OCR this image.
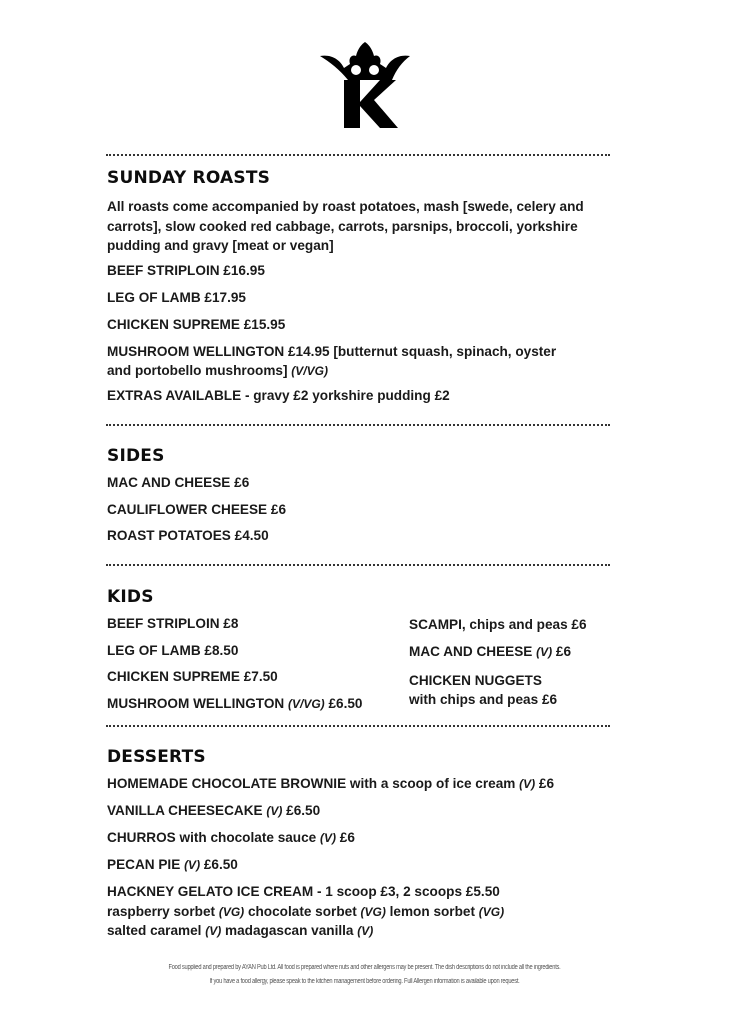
SUNDAY ROASTS
All roasts come accompanied by roast potatoes, mash [swede, celery and carrots], slow cooked red cabbage, carrots, parsnips, broccoli, yorkshire pudding and gravy [meat or vegan]
BEEF STRIPLOIN £16.95
LEG OF LAMB £17.95
CHICKEN SUPREME £15.95
MUSHROOM WELLINGTON £14.95 [butternut squash, spinach, oyster
and portobello mushrooms] (V/VG)
EXTRAS AVAILABLE - gravy £2 yorkshire pudding £2
SIDES
MAC AND CHEESE £6
CAULIFLOWER CHEESE £6
ROAST POTATOES £4.50
KIDS
BEEF STRIPLOIN £8
LEG OF LAMB £8.50
CHICKEN SUPREME £7.50
MUSHROOM WELLINGTON (V/VG) £6.50
SCAMPI, chips and peas £6
MAC AND CHEESE (V) £6
CHICKEN NUGGETS
with chips and peas £6
DESSERTS
HOMEMADE CHOCOLATE BROWNIE with a scoop of ice cream (V) £6
VANILLA CHEESECAKE (V) £6.50
CHURROS with chocolate sauce (V) £6
PECAN PIE (V) £6.50
HACKNEY GELATO ICE CREAM - 1 scoop £3, 2 scoops £5.50
raspberry sorbet (VG) chocolate sorbet (VG) lemon sorbet (VG)
salted caramel (V) madagascan vanilla (V)
Food supplied and prepared by AYAN Pub Ltd. All food is prepared where nuts and other allergens may be present. The dish descriptions do not include all the ingredients.
If you have a food allergy, please speak to the kitchen management before ordering. Full Allergen information is available upon request.
